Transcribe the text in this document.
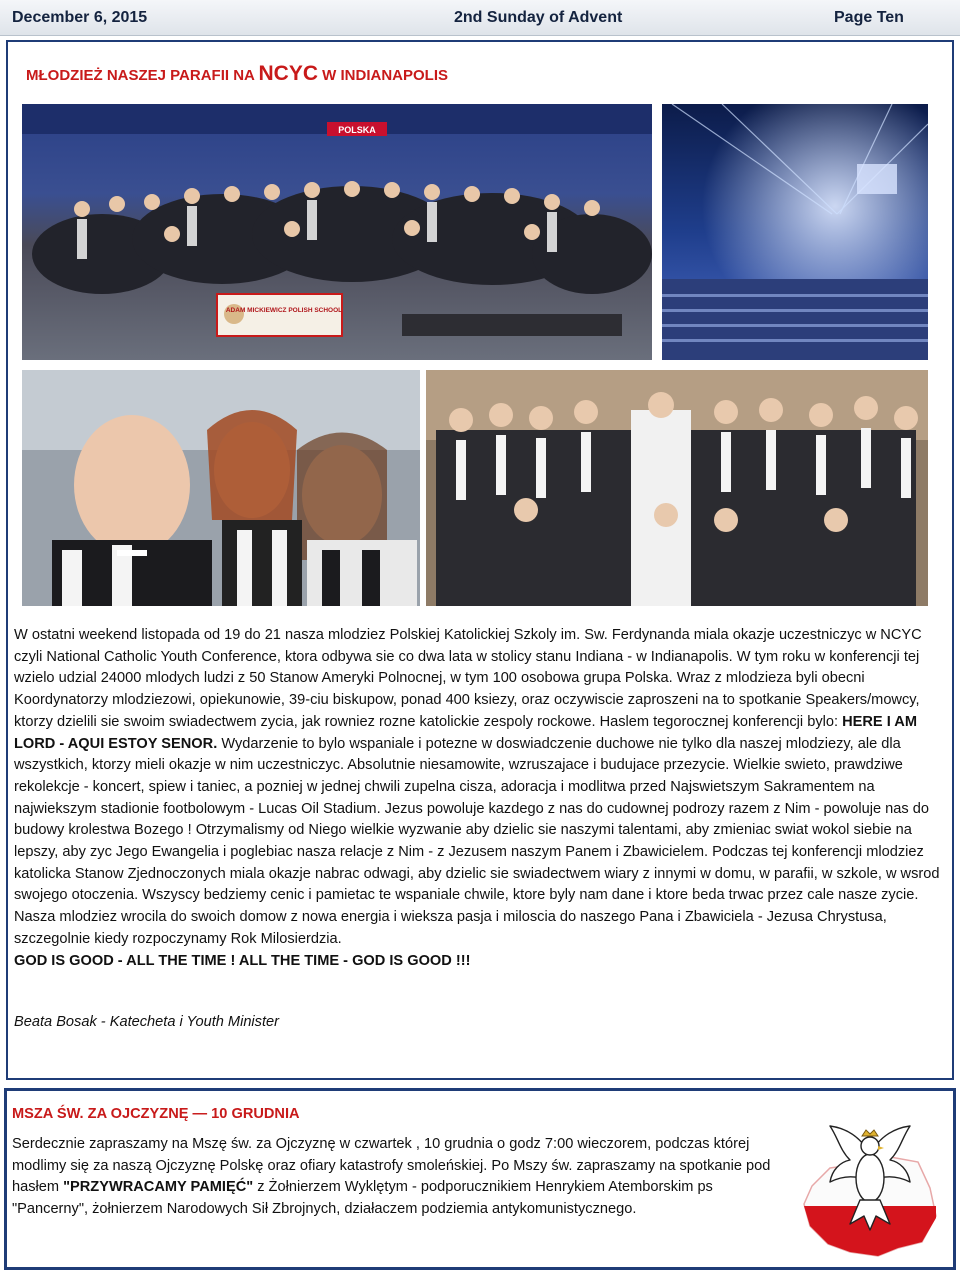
December 6, 2015	2nd Sunday of Advent	Page Ten
MŁODZIEŻ NASZEJ PARAFII NA NCYC W INDIANAPOLIS
POLSKA
ADAM MICKIEWICZ POLISH SCHOOL

W ostatni weekend listopada od 19 do 21 nasza mlodziez Polskiej Katolickiej Szkoly im. Sw. Ferdynanda miala okazje uczestniczyc w NCYC czyli National Catholic Youth Conference, ktora odbywa sie co dwa lata w stolicy stanu Indiana - w Indianapolis. W tym roku w konferencji tej wzielo udzial 24000 mlodych ludzi z 50 Stanow Ameryki Polnocnej, w tym 100 osobowa grupa Polska. Wraz z mlodzieza byli obecni Koordynatorzy mlodziezowi, opiekunowie, 39-ciu biskupow, ponad 400 ksiezy, oraz oczywiscie zaproszeni na to spotkanie Speakers/mowcy, ktorzy dzielili sie swoim swiadectwem zycia, jak rowniez rozne katolickie zespoly rockowe. Haslem tegorocznej konferencji bylo: HERE I AM LORD - AQUI ESTOY SENOR. Wydarzenie to bylo wspaniale i potezne w doswiadczenie duchowe nie tylko dla naszej mlodziezy, ale dla wszystkich, ktorzy mieli okazje w nim uczestniczyc. Absolutnie niesamowite, wzruszajace i budujace przezycie. Wielkie swieto, prawdziwe rekolekcje - koncert, spiew i taniec, a pozniej w jednej chwili zupelna cisza, adoracja i modlitwa przed Najswietszym Sakramentem na najwiekszym stadionie footbolowym - Lucas Oil Stadium. Jezus powoluje kazdego z nas do cudownej podrozy razem z Nim - powoluje nas do budowy krolestwa Bozego ! Otrzymalismy od Niego wielkie wyzwanie aby dzielic sie naszymi talentami, aby zmieniac swiat wokol siebie na lepszy, aby zyc Jego Ewangelia i poglebiac nasza relacje z Nim - z Jezusem naszym Panem i Zbawicielem. Podczas tej konferencji mlodziez katolicka Stanow Zjednoczonych miala okazje nabrac odwagi, aby dzielic sie swiadectwem wiary z innymi w domu, w parafii, w szkole, w wsrod swojego otoczenia. Wszyscy bedziemy cenic i pamietac te wspaniale chwile, ktore byly nam dane i ktore beda trwac przez cale nasze zycie. Nasza mlodziez wrocila do swoich domow z nowa energia i wieksza pasja i miloscia do naszego Pana i Zbawiciela - Jezusa Chrystusa, szczegolnie kiedy rozpoczynamy Rok Milosierdzia.
GOD IS GOOD - ALL THE TIME ! ALL THE TIME - GOD IS GOOD !!!

Beata Bosak - Katecheta i Youth Minister

MSZA ŚW. ZA OJCZYZNĘ — 10 GRUDNIA

Serdecznie zapraszamy na Mszę św. za Ojczyznę w czwartek , 10 grudnia o godz 7:00 wieczorem, podczas której modlimy się za naszą Ojczyznę Polskę oraz ofiary katastrofy smoleńskiej. Po Mszy św. zapraszamy na spotkanie pod hasłem "PRZYWRACAMY PAMIĘĆ" z Żołnierzem Wyklętym - podporucznikiem Henrykiem Atemborskim ps "Pancerny", żołnierzem Narodowych Sił Zbrojnych, działaczem podziemia antykomunistycznego.
